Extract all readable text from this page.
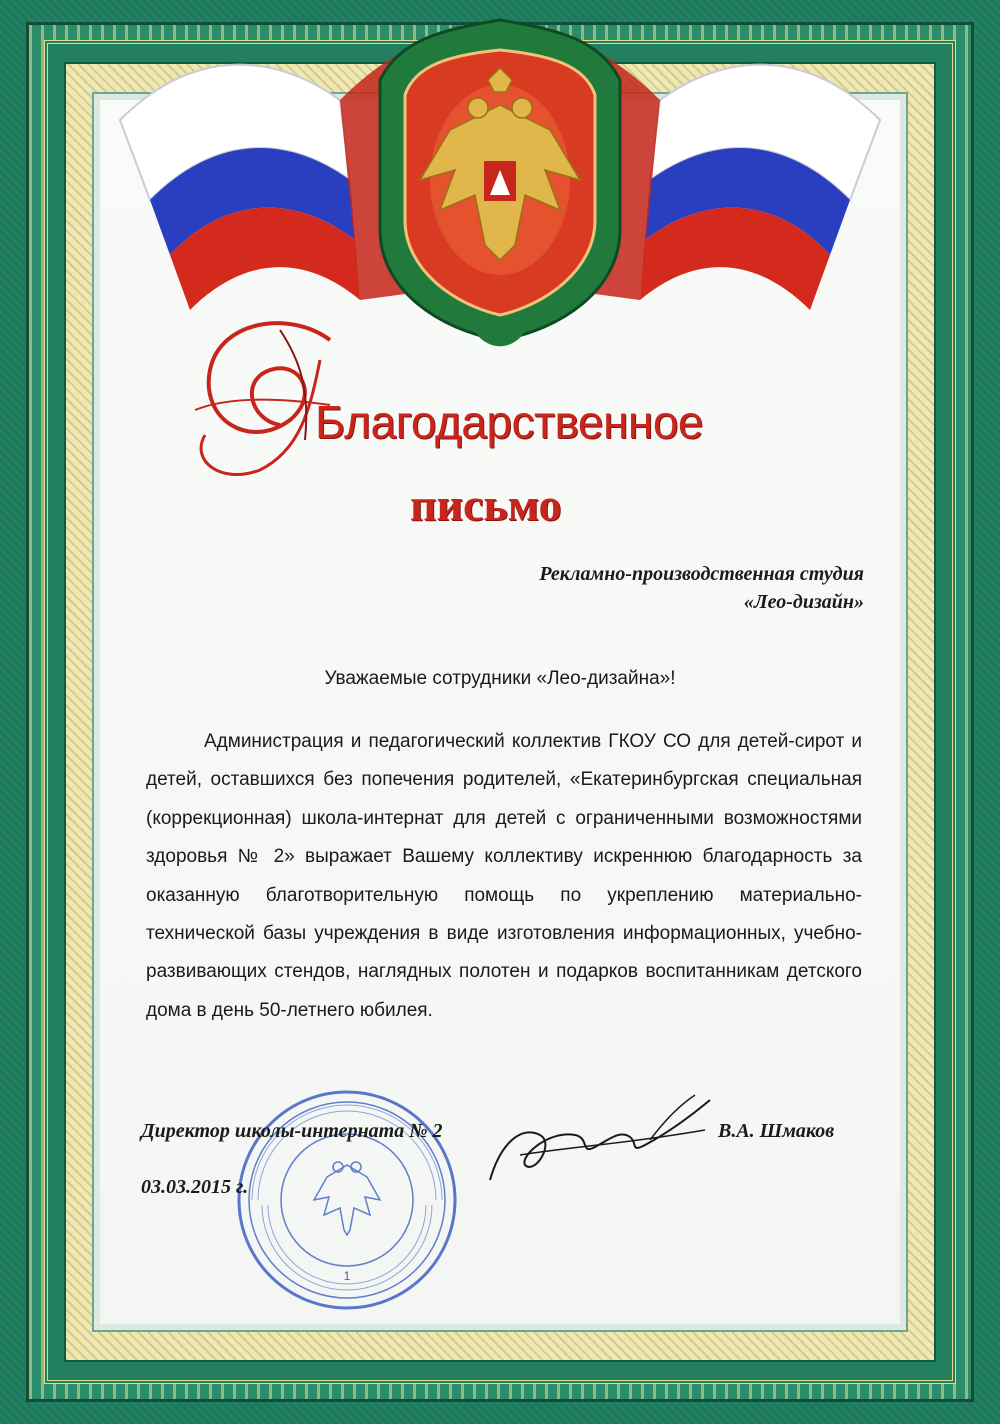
Благодарственное
письмо
Рекламно-производственная студия
«Лео-дизайн»
Уважаемые сотрудники «Лео-дизайна»!
Администрация и педагогический коллектив ГКОУ СО для детей-сирот и детей, оставшихся без попечения родителей, «Екатеринбургская специальная (коррекционная) школа-интернат для детей с ограниченными возможностями здоровья № 2» выражает Вашему коллективу искреннюю благодарность за оказанную благотворительную помощь по укреплению материально-технической базы учреждения в виде изготовления информационных, учебно-развивающих стендов, наглядных полотен и подарков воспитанникам детского дома в день 50-летнего юбилея.
1
Директор школы-интерната № 2	В.А. Шмаков
03.03.2015 г.
